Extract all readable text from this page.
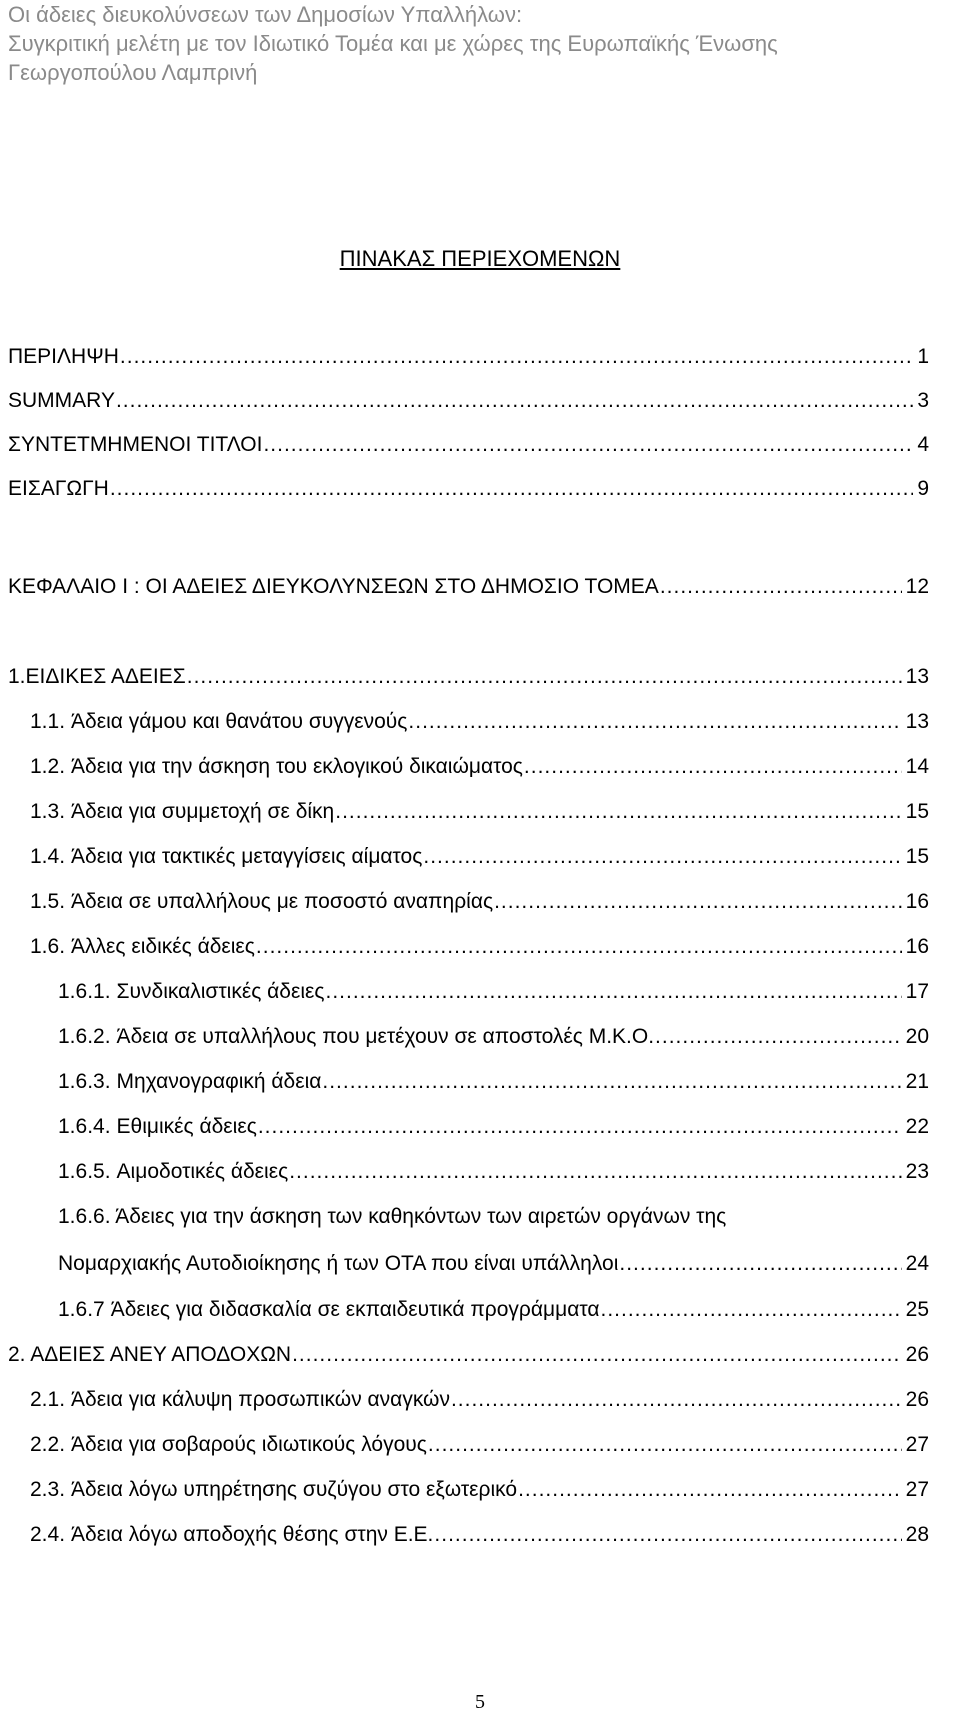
Οι άδειες διευκολύνσεων των Δημοσίων Υπαλλήλων:
Συγκριτική μελέτη με τον Ιδιωτικό Τομέα και με χώρες της Ευρωπαϊκής Ένωσης
Γεωργοπούλου Λαμπρινή
ΠΙΝΑΚΑΣ ΠΕΡΙΕΧΟΜΕΝΩΝ
ΠΕΡΙΛΗΨΗ .....	1
SUMMARY .....	3
ΣΥΝΤΕΤΜΗΜΕΝΟΙ ΤΙΤΛΟΙ .....	4
ΕΙΣΑΓΩΓΗ .....	9
ΚΕΦΑΛΑΙΟ Ι : ΟΙ ΑΔΕΙΕΣ ΔΙΕΥΚΟΛΥΝΣΕΩΝ ΣΤΟ ΔΗΜΟΣΙΟ ΤΟΜΕΑ .....	12
1.ΕΙΔΙΚΕΣ ΑΔΕΙΕΣ .....	13
1.1. Άδεια γάμου και θανάτου συγγενούς .....	13
1.2. Άδεια για την άσκηση του εκλογικού δικαιώματος .....	14
1.3. Άδεια για συμμετοχή σε δίκη .....	15
1.4. Άδεια για τακτικές μεταγγίσεις αίματος .....	15
1.5. Άδεια σε υπαλλήλους με ποσοστό αναπηρίας .....	16
1.6. Άλλες ειδικές άδειες .....	16
1.6.1. Συνδικαλιστικές άδειες .....	17
1.6.2. Άδεια σε υπαλλήλους που μετέχουν σε αποστολές Μ.Κ.Ο. .....	20
1.6.3. Μηχανογραφική άδεια .....	21
1.6.4. Εθιμικές άδειες .....	22
1.6.5. Αιμοδοτικές άδειες .....	23
1.6.6. Άδειες για την άσκηση των καθηκόντων των αιρετών οργάνων της
Νομαρχιακής Αυτοδιοίκησης ή των ΟΤΑ που είναι υπάλληλοι .....	24
1.6.7 Άδειες για διδασκαλία σε εκπαιδευτικά προγράμματα .....	25
2. ΑΔΕΙΕΣ ΑΝΕΥ ΑΠΟΔΟΧΩΝ .....	26
2.1. Άδεια για κάλυψη προσωπικών αναγκών .....	26
2.2. Άδεια για σοβαρούς ιδιωτικούς λόγους .....	27
2.3. Άδεια λόγω υπηρέτησης συζύγου στο εξωτερικό .....	27
2.4. Άδεια λόγω αποδοχής θέσης στην Ε.Ε. .....	28
5
